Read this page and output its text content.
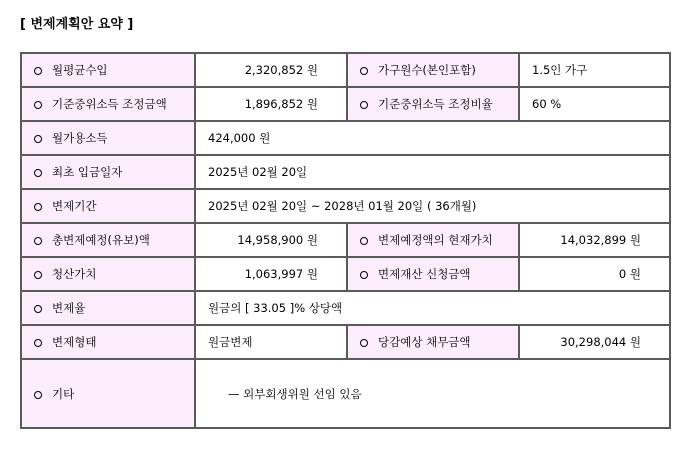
[ 변제계획안 요약 ]
월평균수입	2,320,852 원	가구원수(본인포함)	1.5인 가구
기준중위소득 조정금액	1,896,852 원	기준중위소득 조정비율	60 %
월가용소득	424,000 원		
최초 입금일자	2025년 02월 20일		
변제기간	2025년 02월 20일 ~ 2028년 01월 20일 ( 36개월)		
총변제예정(유보)액	14,958,900 원	변제예정액의 현재가치	14,032,899 원
청산가치	1,063,997 원	면제재산 신청금액	0 원
변제율	원금의 [ 33.05 ]% 상당액		
변제형태	원금변제	당감예상 채무금액	30,298,044 원
기타	— 외부회생위원 선임 있음		
